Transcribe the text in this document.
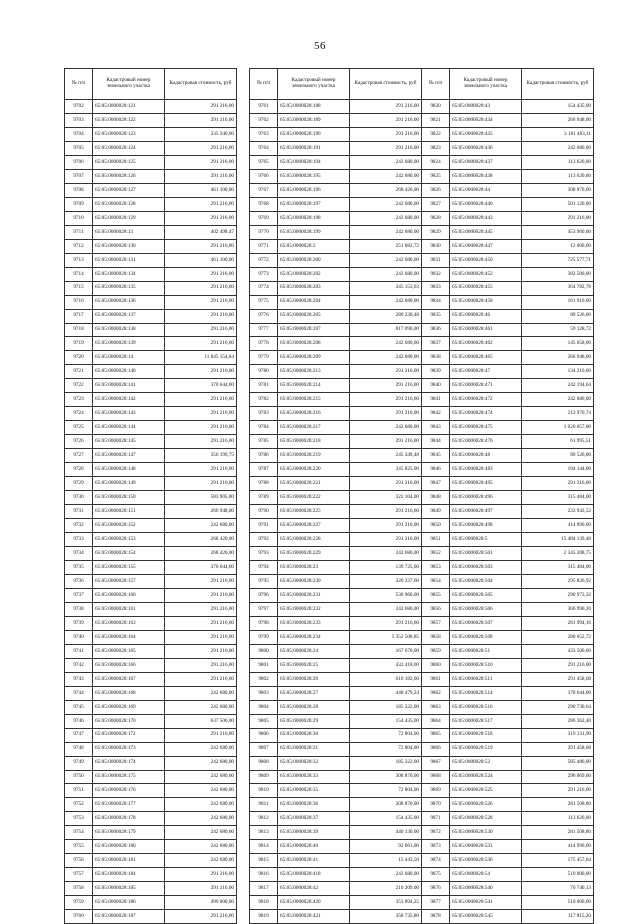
56
№ п/п	Кадастровый номер земельного участка	Кадастровая стоимость, руб
9702	65:05:0000028:121	291 216,00
9703	65:05:0000028:122	291 216,00
9704	65:05:0000028:123	335 340,00
9705	65:05:0000028:124	291 216,00
9706	65:05:0000028:125	291 216,00
9707	65:05:0000028:126	291 216,00
9708	65:05:0000028:127	461 100,00
9709	65:05:0000028:128	291 216,00
9710	65:05:0000028:129	291 216,00
9711	65:05:0000028:13	402 498,47
9712	65:05:0000028:130	291 216,00
9713	65:05:0000028:131	461 100,00
9714	65:05:0000028:134	291 216,00
9715	65:05:0000028:135	291 216,00
9716	65:05:0000028:136	291 216,00
9717	65:05:0000028:137	291 216,00
9718	65:05:0000028:138	291 216,00
9719	65:05:0000028:139	291 216,00
9720	65:05:0000028:14	11 845 154,04
9721	65:05:0000028:140	291 216,00
9722	65:05:0000028:141	370 644,00
9723	65:05:0000028:142	291 216,00
9724	65:05:0000028:143	291 216,00
9725	65:05:0000028:144	291 216,00
9726	65:05:0000028:145	291 216,00
9727	65:05:0000028:147	356 199,75
9728	65:05:0000028:148	291 216,00
9729	65:05:0000028:149	291 216,00
9730	65:05:0000028:150	583 905,80
9731	65:05:0000028:151	266 948,00
9732	65:05:0000028:152	242 680,00
9733	65:05:0000028:153	268 420,00
9734	65:05:0000028:154	268 420,00
9735	65:05:0000028:155	370 644,00
9736	65:05:0000028:157	291 216,00
9737	65:05:0000028:160	291 216,00
9738	65:05:0000028:161	291 216,00
9739	65:05:0000028:163	291 216,00
9740	65:05:0000028:164	291 216,00
9741	65:05:0000028:165	291 216,00
9742	65:05:0000028:166	291 216,00
9743	65:05:0000028:167	291 216,00
9744	65:05:0000028:168	242 680,00
9745	65:05:0000028:169	242 680,00
9746	65:05:0000028:170	637 500,00
9747	65:05:0000028:172	291 216,00
9748	65:05:0000028:173	242 680,00
9749	65:05:0000028:174	242 680,00
9750	65:05:0000028:175	242 680,00
9751	65:05:0000028:176	242 680,00
9752	65:05:0000028:177	242 680,00
9753	65:05:0000028:178	242 680,00
9754	65:05:0000028:179	242 680,00
9755	65:05:0000028:180	242 680,00
9756	65:05:0000028:181	242 680,00
9757	65:05:0000028:184	291 216,00
9758	65:05:0000028:185	291 216,00
9759	65:05:0000028:186	499 000,00
9760	65:05:0000028:187	291 216,00
№ п/п	Кадастровый номер земельного участка	Кадастровая стоимость, руб
9761	65:05:0000028:188	291 216,00
9762	65:05:0000028:189	291 216,00
9763	65:05:0000028:190	291 216,00
9764	65:05:0000028:191	291 216,00
9765	65:05:0000028:194	242 680,00
9766	65:05:0000028:195	242 680,00
9767	65:05:0000028:196	268 420,00
9768	65:05:0000028:197	242 680,00
9769	65:05:0000028:198	242 680,00
9770	65:05:0000028:199	242 680,00
9771	65:05:0000028:2	251 082,72
9772	65:05:0000028:200	242 680,00
9773	65:05:0000028:202	242 680,00
9774	65:05:0000028:203	345 153,03
9775	65:05:0000028:204	242 680,00
9776	65:05:0000028:205	280 230,48
9777	65:05:0000028:207	817 090,00
9778	65:05:0000028:208	242 680,00
9779	65:05:0000028:209	242 680,00
9780	65:05:0000028:213	291 216,00
9781	65:05:0000028:214	291 216,00
9782	65:05:0000028:215	291 216,00
9783	65:05:0000028:216	291 216,00
9784	65:05:0000028:217	242 680,00
9785	65:05:0000028:218	291 216,00
9786	65:05:0000028:219	245 349,48
9787	65:05:0000028:220	345 825,00
9788	65:05:0000028:221	291 216,00
9789	65:05:0000028:222	322 104,00
9790	65:05:0000028:225	291 216,00
9791	65:05:0000028:227	291 216,00
9792	65:05:0000028:228	291 216,00
9793	65:05:0000028:229	242 680,00
9794	65:05:0000028:23	139 725,00
9795	65:05:0000028:230	320 337,60
9796	65:05:0000028:231	530 960,00
9797	65:05:0000028:232	242 680,00
9798	65:05:0000028:233	291 216,00
9799	65:05:0000028:234	5 352 508,85
9800	65:05:0000028:24	167 670,00
9801	65:05:0000028:25	432 418,00
9802	65:05:0000028:26	616 182,00
9803	65:05:0000028:27	448 479,24
9804	65:05:0000028:28	185 322,00
9805	65:05:0000028:29	154 435,00
9806	65:05:0000028:30	72 804,00
9807	65:05:0000028:31	72 804,00
9808	65:05:0000028:32	185 322,00
9809	65:05:0000028:33	308 870,00
9810	65:05:0000028:35	72 804,00
9811	65:05:0000028:36	308 870,00
9812	65:05:0000028:37	154 435,00
9813	65:05:0000028:39	440 130,00
9814	65:05:0000028:40	92 661,00
9815	65:05:0000028:41	15 443,50
9816	65:05:0000028:418	242 680,00
9817	65:05:0000028:42	216 209,00
9818	65:05:0000028:420	353 894,25
9819	65:05:0000028:421	358 735,80
№ п/п	Кадастровый номер земельного участка	Кадастровая стоимость, руб
9820	65:05:0000028:43	154 435,00
9821	65:05:0000028:434	266 948,00
9822	65:05:0000028:435	3 181 483,11
9823	65:05:0000028:436	242 680,00
9824	65:05:0000028:437	113 620,00
9825	65:05:0000028:438	113 620,00
9826	65:05:0000028:44	308 870,00
9827	65:05:0000028:440	501 120,00
9828	65:05:0000028:443	291 216,00
9829	65:05:0000028:445	453 960,00
9830	65:05:0000028:447	12 000,00
9831	65:05:0000028:450	725 577,71
9832	65:05:0000028:452	382 500,00
9833	65:05:0000028:455	364 782,78
9834	65:05:0000028:458	161 910,00
9835	65:05:0000028:46	89 526,00
9836	65:05:0000028:461	59 128,72
9837	65:05:0000028:462	145 658,00
9838	65:05:0000028:465	266 948,00
9839	65:05:0000028:47	134 210,00
9840	65:05:0000028:471	242 194,64
9841	65:05:0000028:472	242 680,00
9842	65:05:0000028:474	213 970,74
9843	65:05:0000028:475	1 020 057,60
9844	65:05:0000028:476	61 995,51
9845	65:05:0000028:48	80 526,00
9846	65:05:0000028:483	194 144,00
9847	65:05:0000028:495	291 216,00
9848	65:05:0000028:496	315 484,00
9849	65:05:0000028:497	233 943,52
9850	65:05:0000028:498	414 990,00
9851	65:05:0000028:5	15 484 139,48
9852	65:05:0000028:501	2 345 208,75
9853	65:05:0000028:503	315 484,00
9854	65:05:0000028:504	295 826,92
9855	65:05:0000028:505	290 973,32
9856	65:05:0000028:506	306 990,20
9857	65:05:0000028:507	281 994,16
9858	65:05:0000028:508	280 052,72
9859	65:05:0000028:51	433 500,00
9860	65:05:0000028:510	291 216,00
9861	65:05:0000028:511	291 458,68
9862	65:05:0000028:514	370 644,00
9863	65:05:0000028:516	290 730,64
9864	65:05:0000028:517	286 362,40
9865	65:05:0000028:518	319 131,90
9866	65:05:0000028:519	291 458,68
9867	65:05:0000028:52	585 480,00
9868	65:05:0000028:524	296 069,60
9869	65:05:0000028:525	291 216,00
9870	65:05:0000028:526	281 508,80
9871	65:05:0000028:528	113 620,00
9872	65:05:0000028:530	281 508,80
9873	65:05:0000028:531	414 990,00
9874	65:05:0000028:536	175 457,64
9875	65:05:0000028:54	510 000,00
9876	65:05:0000028:540	70 740,13
9877	65:05:0000028:541	510 000,00
9878	65:05:0000028:545	117 815,20
